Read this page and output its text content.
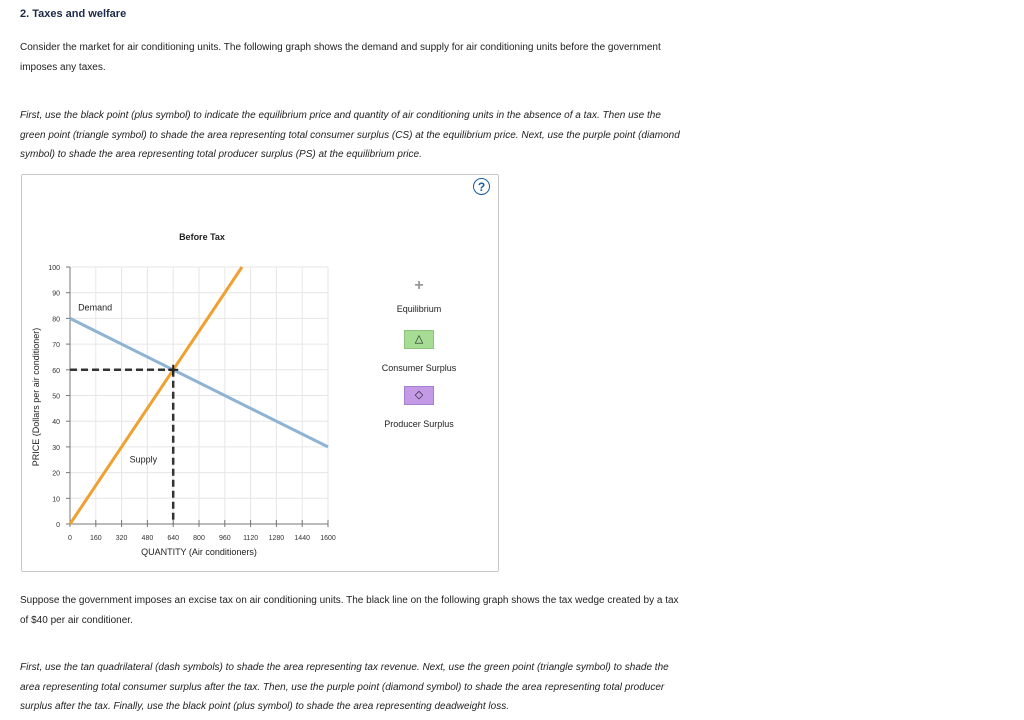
2. Taxes and welfare
Consider the market for air conditioning units. The following graph shows the demand and supply for air conditioning units before the government
imposes any taxes.
First, use the black point (plus symbol) to indicate the equilibrium price and quantity of air conditioning units in the absence of a tax. Then use the
green point (triangle symbol) to shade the area representing total consumer surplus (CS) at the equilibrium price. Next, use the purple point (diamond
symbol) to shade the area representing total producer surplus (PS) at the equilibrium price.
?
Before Tax
0
10
20
30
40
50
60
70
80
90
100
0	160 320 480 640 800 960 1120 1280 1440 1600
Demand
Supply
QUANTITY (Air conditioners)
PRICE (Dollars per air conditioner)
+
Equilibrium
△
Consumer Surplus
◇
Producer Surplus
Suppose the government imposes an excise tax on air conditioning units. The black line on the following graph shows the tax wedge created by a tax
of $40 per air conditioner.
First, use the tan quadrilateral (dash symbols) to shade the area representing tax revenue. Next, use the green point (triangle symbol) to shade the
area representing total consumer surplus after the tax. Then, use the purple point (diamond symbol) to shade the area representing total producer
surplus after the tax. Finally, use the black point (plus symbol) to shade the area representing deadweight loss.
